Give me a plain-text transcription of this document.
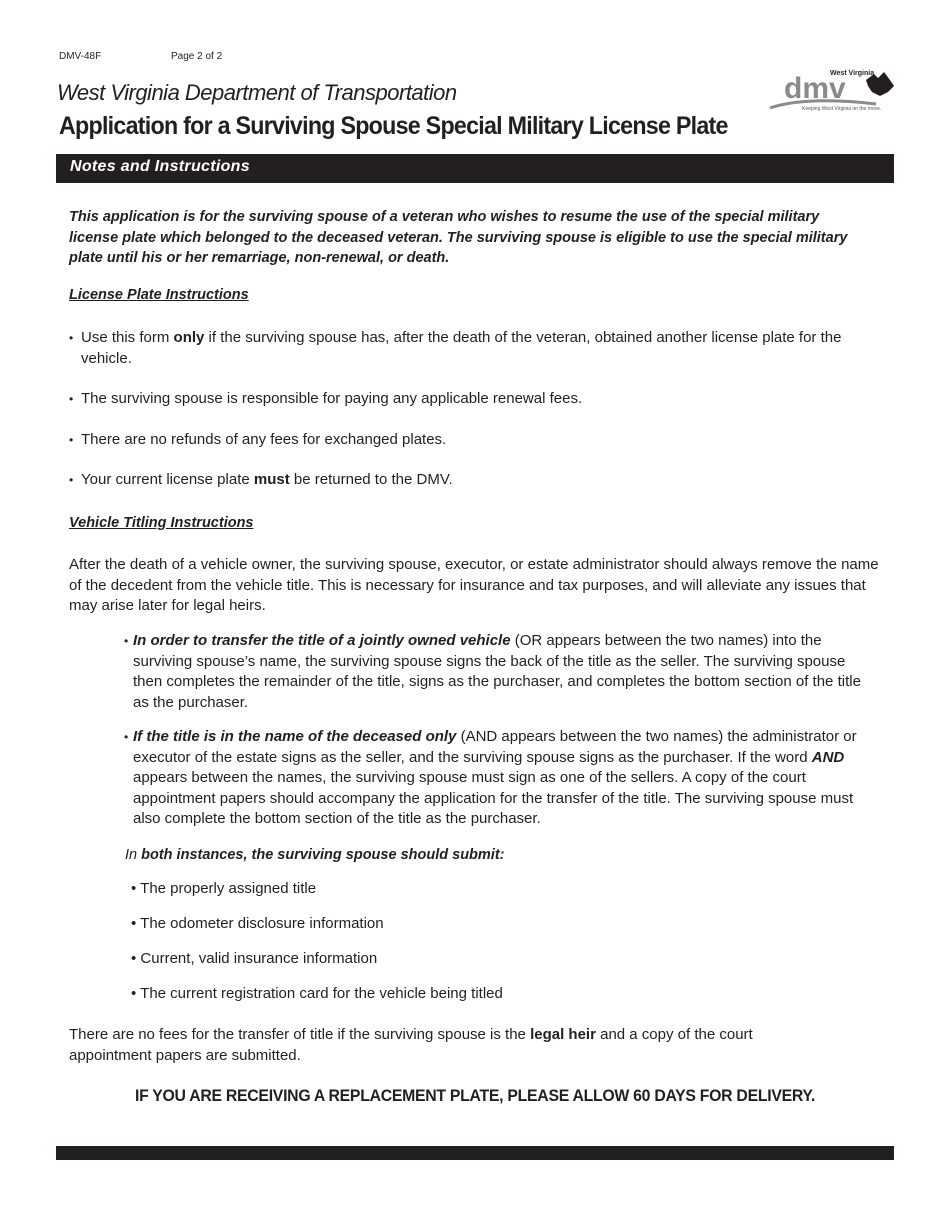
DMV-48F	Page 2 of 2
West Virginia Department of Transportation
Application for a Surviving Spouse Special Military License Plate
dmv
West Virginia
Keeping West Virginia on the move.
Notes and Instructions
This application is for the surviving spouse of a veteran who wishes to resume the use of the special military license plate which belonged to the deceased veteran. The surviving spouse is eligible to use the special military plate until his or her remarriage, non-renewal, or death.
License Plate Instructions
• Use this form only if the surviving spouse has, after the death of the veteran, obtained another license plate for the vehicle.
• The surviving spouse is responsible for paying any applicable renewal fees.
• There are no refunds of any fees for exchanged plates.
• Your current license plate must be returned to the DMV.
Vehicle Titling Instructions
After the death of a vehicle owner, the surviving spouse, executor, or estate administrator should always remove the name of the decedent from the vehicle title. This is necessary for insurance and tax purposes, and will alleviate any issues that may arise later for legal heirs.
• In order to transfer the title of a jointly owned vehicle (OR appears between the two names) into the surviving spouse’s name, the surviving spouse signs the back of the title as the seller. The surviving spouse then completes the remainder of the title, signs as the purchaser, and completes the bottom section of the title as the purchaser.
• If the title is in the name of the deceased only (AND appears between the two names) the administrator or executor of the estate signs as the seller, and the surviving spouse signs as the purchaser. If the word AND appears between the names, the surviving spouse must sign as one of the sellers. A copy of the court appointment papers should accompany the application for the transfer of the title. The surviving spouse must also complete the bottom section of the title as the purchaser.
In both instances, the surviving spouse should submit:
• The properly assigned title
• The odometer disclosure information
• Current, valid insurance information
• The current registration card for the vehicle being titled
There are no fees for the transfer of title if the surviving spouse is the legal heir and a copy of the court appointment papers are submitted.
IF YOU ARE RECEIVING A REPLACEMENT PLATE, PLEASE ALLOW 60 DAYS FOR DELIVERY.
